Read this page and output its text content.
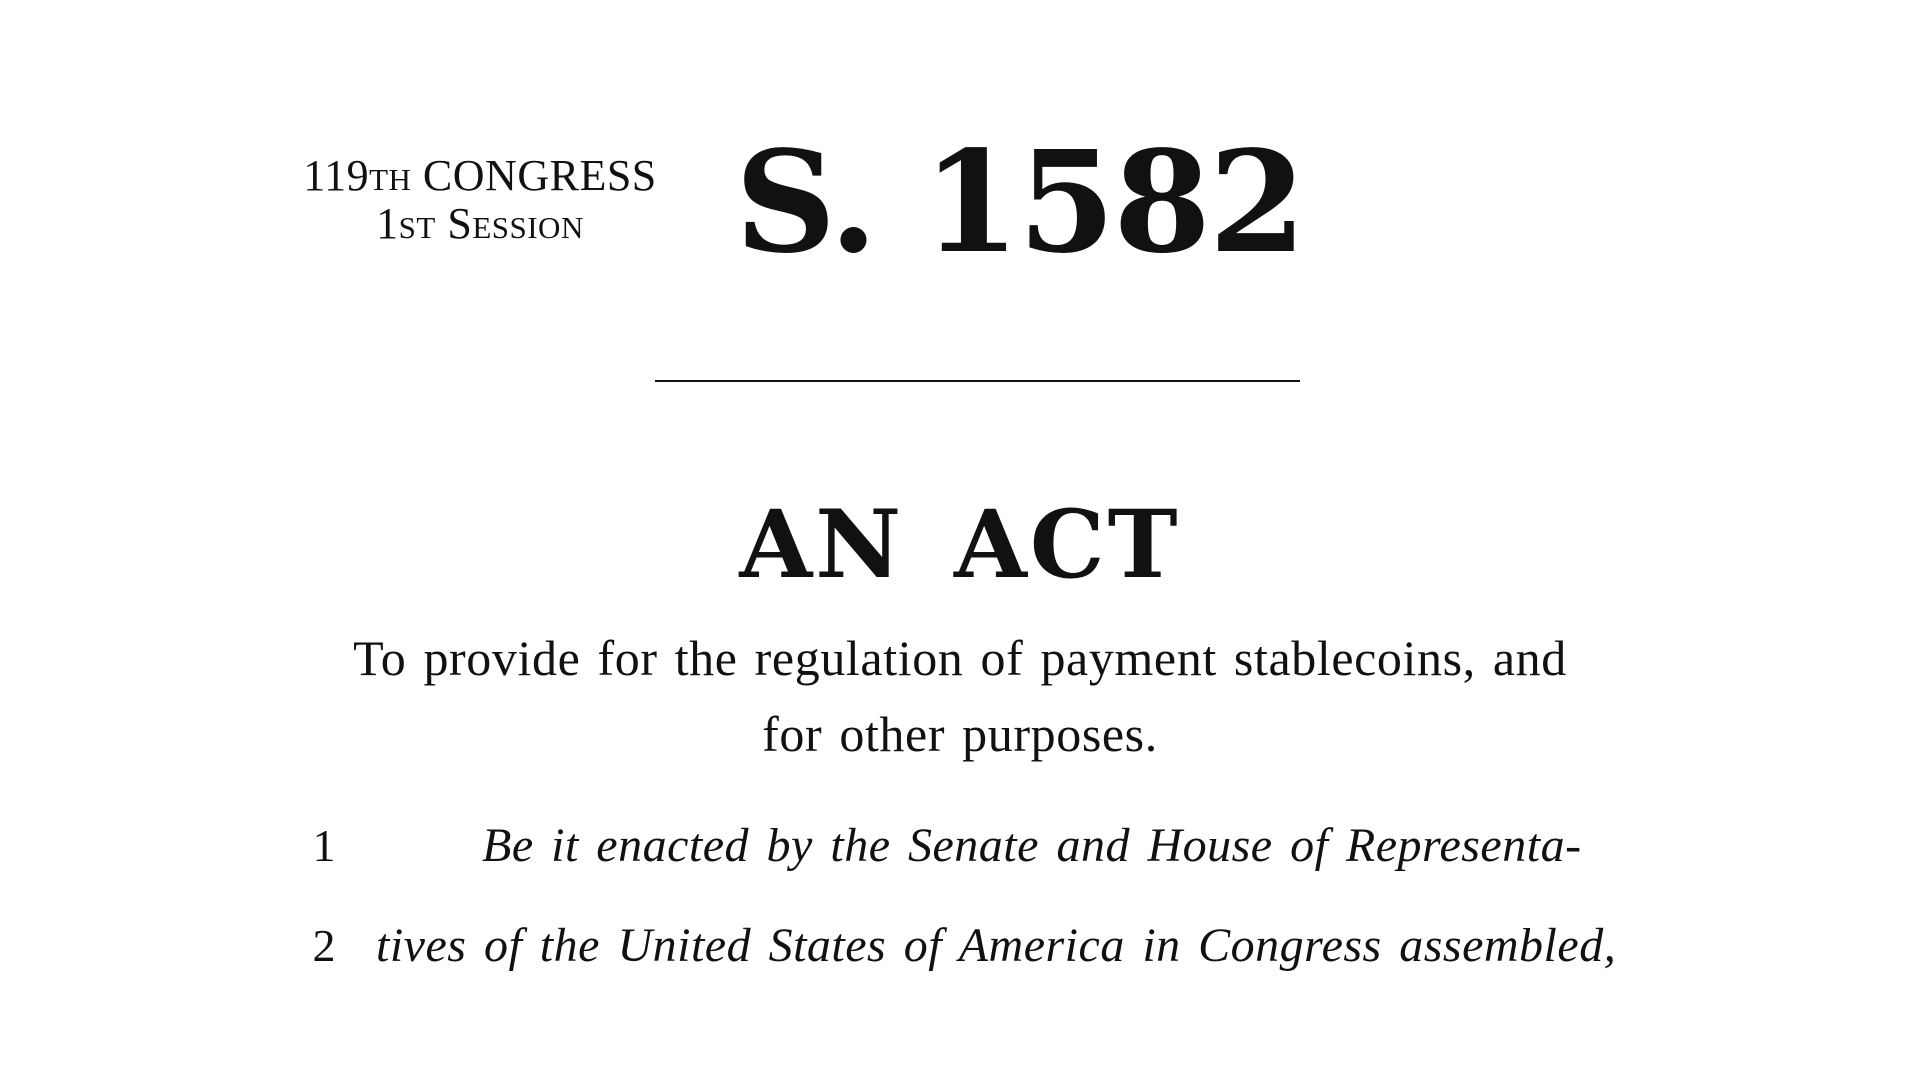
119th CONGRESS
1st Session	S. 1582
AN ACT
To provide for the regulation of payment stablecoins, and
for other purposes.
1	Be it enacted by the Senate and House of Representa-
2 tives of the United States of America in Congress assembled,
